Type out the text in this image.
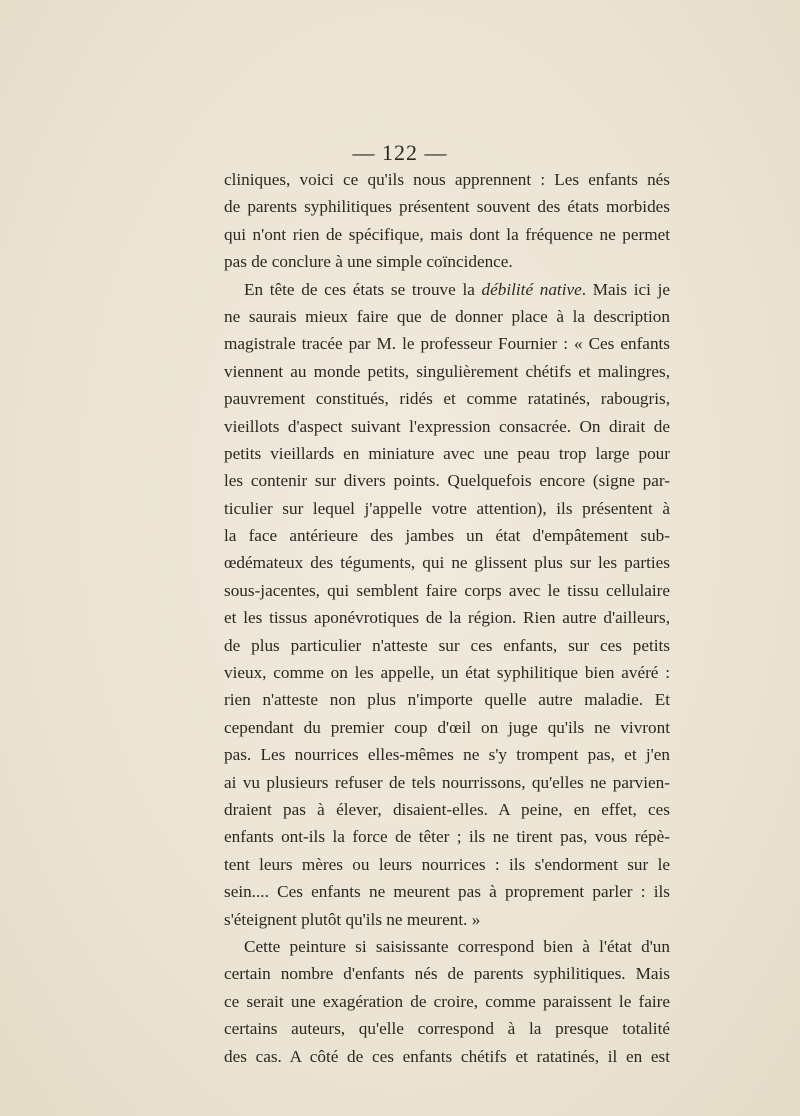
— 122 —
cliniques, voici ce qu'ils nous apprennent : Les enfants nés
de parents syphilitiques présentent souvent des états morbides
qui n'ont rien de spécifique, mais dont la fréquence ne permet
pas de conclure à une simple coïncidence.
En tête de ces états se trouve la débilité native. Mais ici je
ne saurais mieux faire que de donner place à la description
magistrale tracée par M. le professeur Fournier : « Ces enfants
viennent au monde petits, singulièrement chétifs et malingres,
pauvrement constitués, ridés et comme ratatinés, rabougris,
vieillots d'aspect suivant l'expression consacrée. On dirait de
petits vieillards en miniature avec une peau trop large pour
les contenir sur divers points. Quelquefois encore (signe par-
ticulier sur lequel j'appelle votre attention), ils présentent à
la face antérieure des jambes un état d'empâtement sub-
œdémateux des téguments, qui ne glissent plus sur les parties
sous-jacentes, qui semblent faire corps avec le tissu cellulaire
et les tissus aponévrotiques de la région. Rien autre d'ailleurs,
de plus particulier n'atteste sur ces enfants, sur ces petits
vieux, comme on les appelle, un état syphilitique bien avéré :
rien n'atteste non plus n'importe quelle autre maladie. Et
cependant du premier coup d'œil on juge qu'ils ne vivront
pas. Les nourrices elles-mêmes ne s'y trompent pas, et j'en
ai vu plusieurs refuser de tels nourrissons, qu'elles ne parvien-
draient pas à élever, disaient-elles. A peine, en effet, ces
enfants ont-ils la force de têter ; ils ne tirent pas, vous répè-
tent leurs mères ou leurs nourrices : ils s'endorment sur le
sein.... Ces enfants ne meurent pas à proprement parler : ils
s'éteignent plutôt qu'ils ne meurent. »
Cette peinture si saisissante correspond bien à l'état d'un
certain nombre d'enfants nés de parents syphilitiques. Mais
ce serait une exagération de croire, comme paraissent le faire
certains auteurs, qu'elle correspond à la presque totalité
des cas. A côté de ces enfants chétifs et ratatinés, il en est
